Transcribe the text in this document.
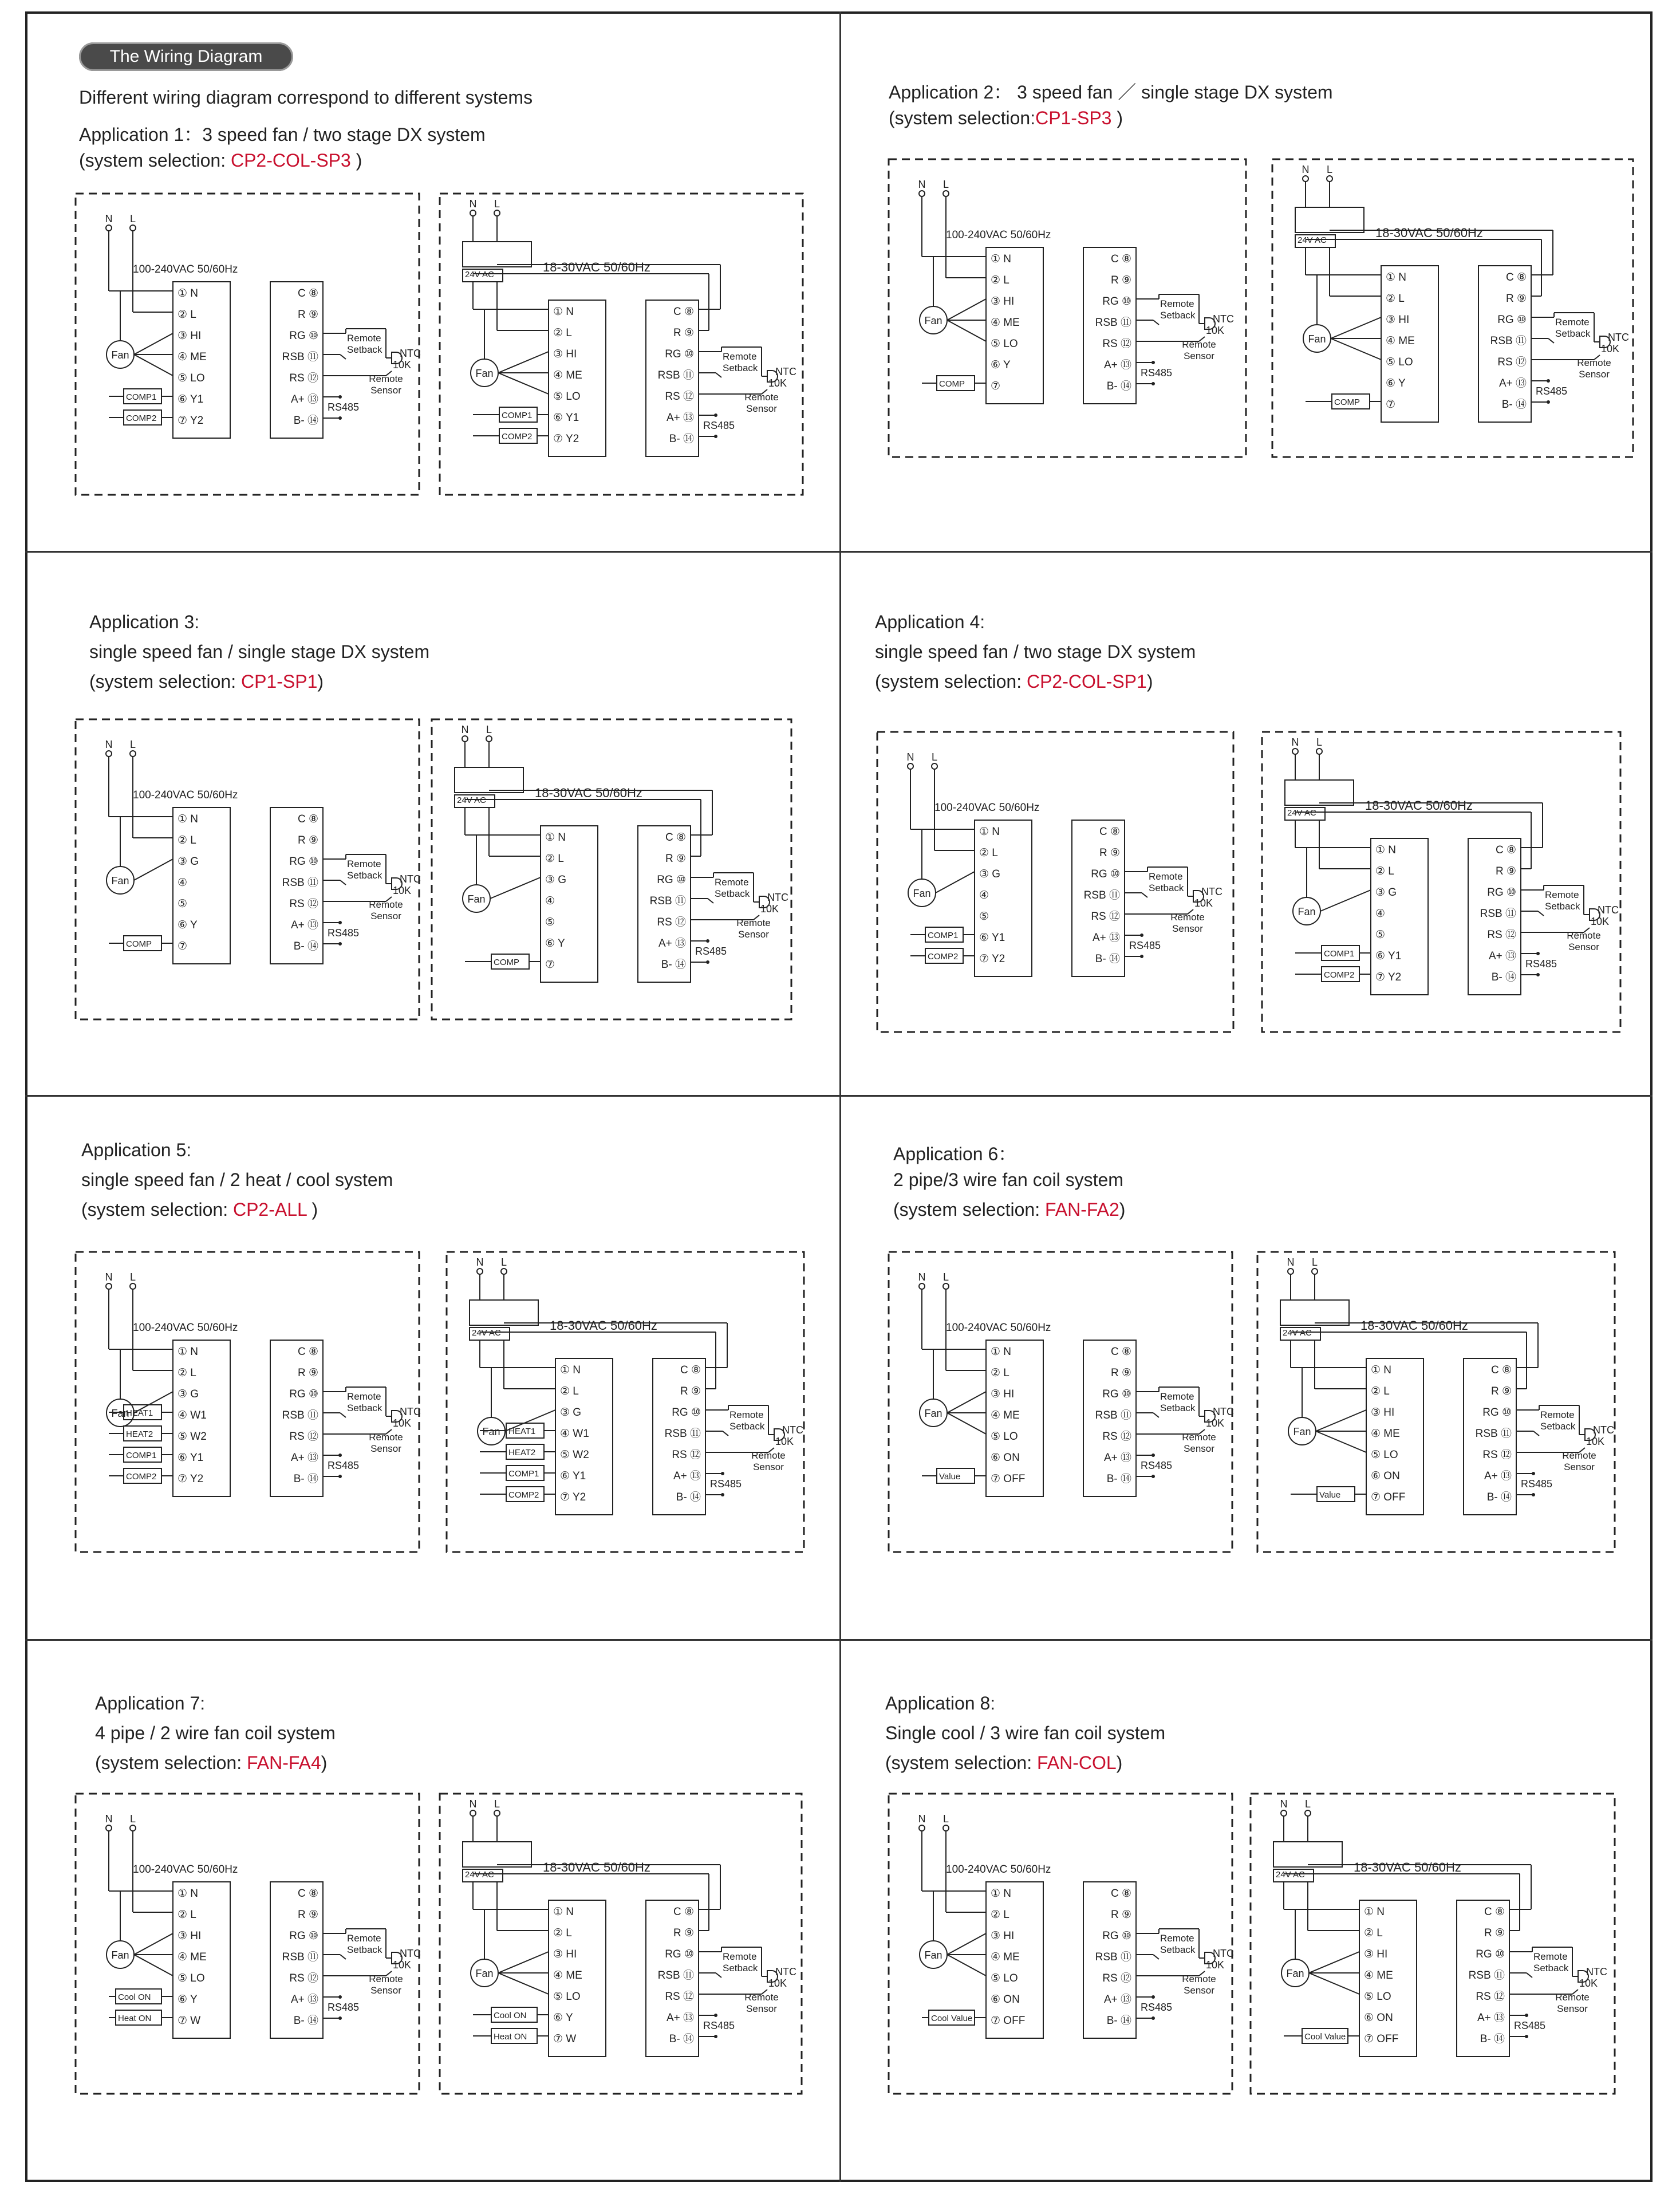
The Wiring Diagram
Different wiring diagram correspond to different systems
Application 1：3 speed fan / two stage DX system
(system selection: CP2-COL-SP3 )
Application 2： 3 speed fan ／ single stage DX system
(system selection:CP1-SP3 )
Application 3:
single speed fan / single stage DX system
(system selection: CP1-SP1)
Application 4:
single speed fan / two stage DX system
(system selection: CP2-COL-SP1)
Application 5:
single speed fan / 2 heat / cool system
(system selection: CP2-ALL )
Application 6：
2 pipe/3 wire fan coil system
(system selection: FAN-FA2)
Application 7:
4 pipe / 2 wire fan coil system
(system selection: FAN-FA4)
Application 8:
Single cool / 3 wire fan coil system
(system selection: FAN-COL)
N L
100-240VAC 50/60Hz
① N
② L
③ HI
④ ME
⑤ LO
⑥ Y1
⑦ Y2
Fan
COMP1
COMP2
C ⑧
R ⑨
RG ⑩
RSB ⑪
RS ⑫
A+ ⑬
B- ⑭
Remote
Setback NTC
10K
Remote
Sensor
RS485
N L
24V AC
18-30VAC 50/60Hz
① N
② L
③ HI
④ ME
⑤ LO
⑥ Y1
⑦ Y2
Fan
COMP1
COMP2
C ⑧
R ⑨
RG ⑩
RSB ⑪
RS ⑫
A+ ⑬
B- ⑭
Remote
Setback NTC
10K
Remote
Sensor
RS485
N L
100-240VAC 50/60Hz
① N
② L
③ HI
④ ME
⑤ LO
⑥ Y
⑦
Fan
COMP
C ⑧
R ⑨
RG ⑩
RSB ⑪
RS ⑫
A+ ⑬
B- ⑭
Remote
Setback NTC
10K
Remote
Sensor
RS485
N L
24V AC
18-30VAC 50/60Hz
① N
② L
③ HI
④ ME
⑤ LO
⑥ Y
⑦
Fan
COMP
C ⑧
R ⑨
RG ⑩
RSB ⑪
RS ⑫
A+ ⑬
B- ⑭
Remote
Setback NTC
10K
Remote
Sensor
RS485
N L
100-240VAC 50/60Hz
① N
② L
③ G
④
⑤
⑥ Y
⑦
Fan
COMP
C ⑧
R ⑨
RG ⑩
RSB ⑪
RS ⑫
A+ ⑬
B- ⑭
Remote
Setback NTC
10K
Remote
Sensor
RS485
N L
24V AC
18-30VAC 50/60Hz
① N
② L
③ G
④
⑤
⑥ Y
⑦
Fan
COMP
C ⑧
R ⑨
RG ⑩
RSB ⑪
RS ⑫
A+ ⑬
B- ⑭
Remote
Setback NTC
10K
Remote
Sensor
RS485
N L
100-240VAC 50/60Hz
① N
② L
③ G
④
⑤
⑥ Y1
⑦ Y2
Fan
COMP1
COMP2
C ⑧
R ⑨
RG ⑩
RSB ⑪
RS ⑫
A+ ⑬
B- ⑭
Remote
Setback NTC
10K
Remote
Sensor
RS485
N L
24V AC
18-30VAC 50/60Hz
① N
② L
③ G
④
⑤
⑥ Y1
⑦ Y2
Fan
COMP1
COMP2
C ⑧
R ⑨
RG ⑩
RSB ⑪
RS ⑫
A+ ⑬
B- ⑭
Remote
Setback NTC
10K
Remote
Sensor
RS485
N L
100-240VAC 50/60Hz
① N
② L
③ G
④ W1
⑤ W2
⑥ Y1
⑦ Y2
Fan
HEAT1
HEAT2
COMP1
COMP2
C ⑧
R ⑨
RG ⑩
RSB ⑪
RS ⑫
A+ ⑬
B- ⑭
Remote
Setback NTC
10K
Remote
Sensor
RS485
N L
24V AC
18-30VAC 50/60Hz
① N
② L
③ G
④ W1
⑤ W2
⑥ Y1
⑦ Y2
Fan HEAT1
HEAT2
COMP1
COMP2
C ⑧
R ⑨
RG ⑩
RSB ⑪
RS ⑫
A+ ⑬
B- ⑭
Remote
Setback NTC
10K
Remote
Sensor
RS485
N L
100-240VAC 50/60Hz
① N
② L
③ HI
④ ME
⑤ LO
⑥ ON
⑦ OFF
Fan
Value
C ⑧
R ⑨
RG ⑩
RSB ⑪
RS ⑫
A+ ⑬
B- ⑭
Remote
Setback NTC
10K
Remote
Sensor
RS485
N L
24V AC
18-30VAC 50/60Hz
① N
② L
③ HI
④ ME
⑤ LO
⑥ ON
⑦ OFF
Fan
Value
C ⑧
R ⑨
RG ⑩
RSB ⑪
RS ⑫
A+ ⑬
B- ⑭
Remote
Setback NTC
10K
Remote
Sensor
RS485
N L
100-240VAC 50/60Hz
① N
② L
③ HI
④ ME
⑤ LO
⑥ Y
⑦ W
Fan
Cool ON
Heat ON
C ⑧
R ⑨
RG ⑩
RSB ⑪
RS ⑫
A+ ⑬
B- ⑭
Remote
Setback NTC
10K
Remote
Sensor
RS485
N L
24V AC
18-30VAC 50/60Hz
① N
② L
③ HI
④ ME
⑤ LO
⑥ Y
⑦ W
Fan
Cool ON
Heat ON
C ⑧
R ⑨
RG ⑩
RSB ⑪
RS ⑫
A+ ⑬
B- ⑭
Remote
Setback NTC
10K
Remote
Sensor
RS485
N L
100-240VAC 50/60Hz
① N
② L
③ HI
④ ME
⑤ LO
⑥ ON
⑦ OFF
Fan
Cool Value
C ⑧
R ⑨
RG ⑩
RSB ⑪
RS ⑫
A+ ⑬
B- ⑭
Remote
Setback NTC
10K
Remote
Sensor
RS485
N L
24V AC
18-30VAC 50/60Hz
① N
② L
③ HI
④ ME
⑤ LO
⑥ ON
⑦ OFF
Fan
Cool Value
C ⑧
R ⑨
RG ⑩
RSB ⑪
RS ⑫
A+ ⑬
B- ⑭
Remote
Setback NTC
10K
Remote
Sensor
RS485
